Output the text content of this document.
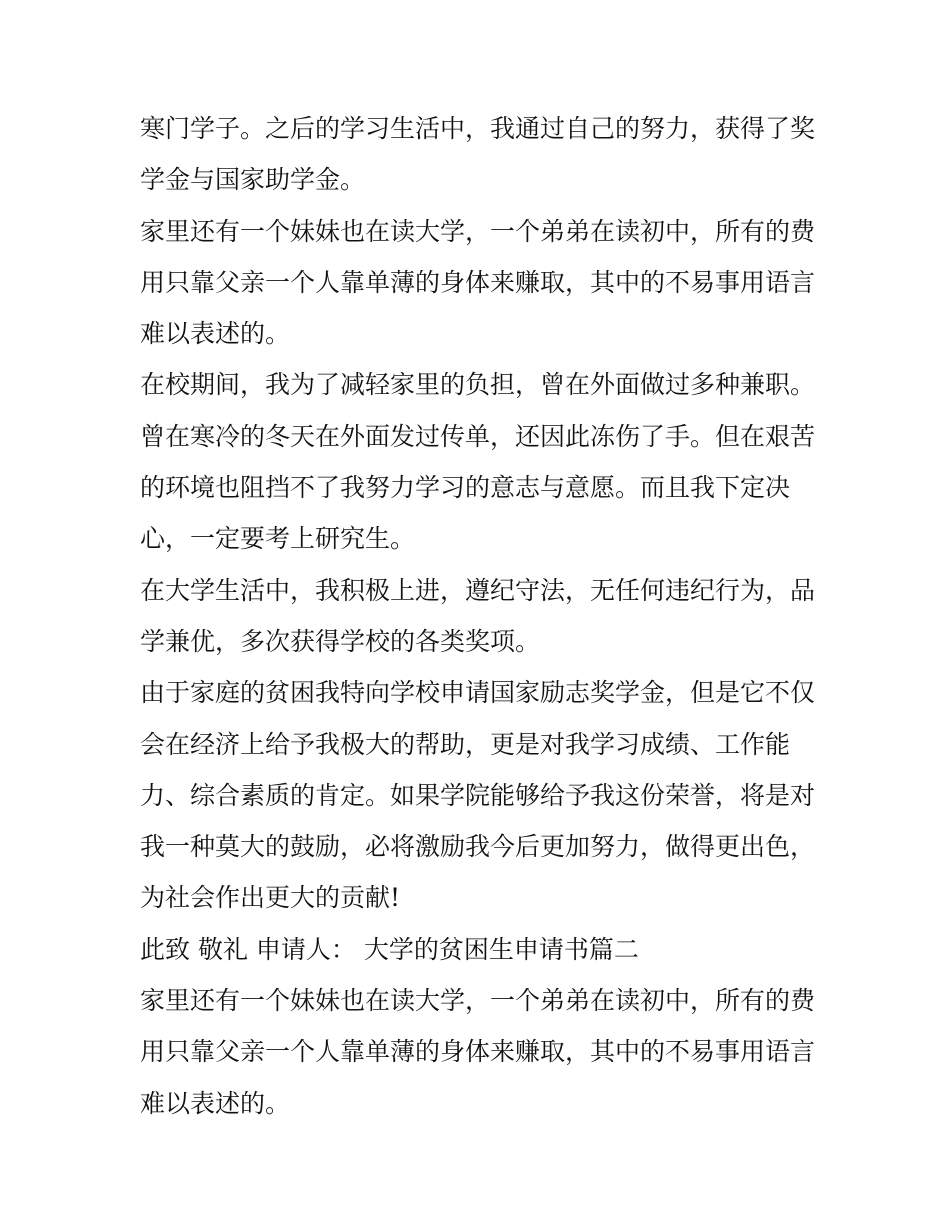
寒门学子。之后的学习生活中，我通过自己的努力，获得了奖
学金与国家助学金。
家里还有一个妹妹也在读大学，一个弟弟在读初中，所有的费
用只靠父亲一个人靠单薄的身体来赚取，其中的不易事用语言
难以表述的。
在校期间，我为了减轻家里的负担，曾在外面做过多种兼职。
曾在寒冷的冬天在外面发过传单，还因此冻伤了手。但在艰苦
的环境也阻挡不了我努力学习的意志与意愿。而且我下定决
心，一定要考上研究生。
在大学生活中，我积极上进，遵纪守法，无任何违纪行为，品
学兼优，多次获得学校的各类奖项。
由于家庭的贫困我特向学校申请国家励志奖学金，但是它不仅
会在经济上给予我极大的帮助，更是对我学习成绩、工作能
力、综合素质的肯定。如果学院能够给予我这份荣誉，将是对
我一种莫大的鼓励，必将激励我今后更加努力，做得更出色，
为社会作出更大的贡献!
此致 敬礼 申请人： 大学的贫困生申请书篇二
家里还有一个妹妹也在读大学，一个弟弟在读初中，所有的费
用只靠父亲一个人靠单薄的身体来赚取，其中的不易事用语言
难以表述的。
